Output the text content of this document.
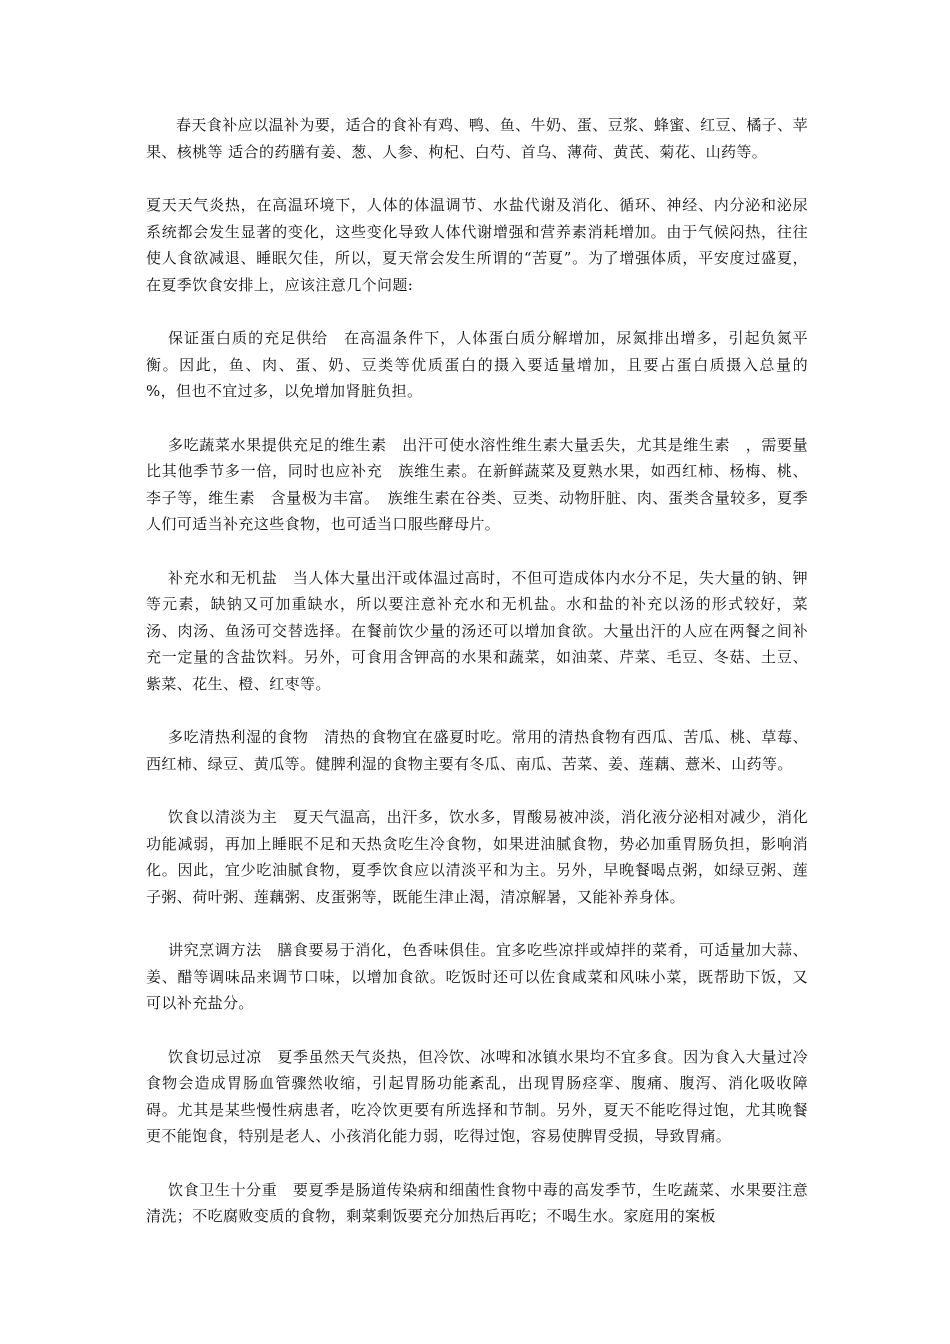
春天食补应以温补为要，适合的食补有鸡、鸭、鱼、牛奶、蛋、豆浆、蜂蜜、红豆、橘子、苹果、核桃等 适合的药膳有姜、葱、人参、枸杞、白芍、首乌、薄荷、黄芪、菊花、山药等。

夏天天气炎热，在高温环境下，人体的体温调节、水盐代谢及消化、循环、神经、内分泌和泌尿系统都会发生显著的变化，这些变化导致人体代谢增强和营养素消耗增加。由于气候闷热，往往使人食欲减退、睡眠欠佳，所以，夏天常会发生所谓的“苦夏”。为了增强体质，平安度过盛夏，在夏季饮食安排上，应该注意几个问题:

保证蛋白质的充足供给　在高温条件下，人体蛋白质分解增加，尿氮排出增多，引起负氮平衡。因此，鱼、肉、蛋、奶、豆类等优质蛋白的摄入要适量增加，且要占蛋白质摄入总量的　 %，但也不宜过多，以免增加肾脏负担。

多吃蔬菜水果提供充足的维生素　出汗可使水溶性维生素大量丢失，尤其是维生素　，需要量比其他季节多一倍，同时也应补充　族维生素。在新鲜蔬菜及夏熟水果，如西红柿、杨梅、桃、李子等，维生素　含量极为丰富。　族维生素在谷类、豆类、动物肝脏、肉、蛋类含量较多，夏季人们可适当补充这些食物，也可适当口服些酵母片。

补充水和无机盐　当人体大量出汗或体温过高时，不但可造成体内水分不足，失大量的钠、钾等元素，缺钠又可加重缺水，所以要注意补充水和无机盐。水和盐的补充以汤的形式较好，菜汤、肉汤、鱼汤可交替选择。在餐前饮少量的汤还可以增加食欲。大量出汗的人应在两餐之间补充一定量的含盐饮料。另外，可食用含钾高的水果和蔬菜，如油菜、芹菜、毛豆、冬菇、土豆、紫菜、花生、橙、红枣等。

多吃清热利湿的食物　清热的食物宜在盛夏时吃。常用的清热食物有西瓜、苦瓜、桃、草莓、西红柿、绿豆、黄瓜等。健脾利湿的食物主要有冬瓜、南瓜、苦菜、姜、莲藕、薏米、山药等。

饮食以清淡为主　夏天气温高，出汗多，饮水多，胃酸易被冲淡，消化液分泌相对减少，消化功能减弱，再加上睡眠不足和天热贪吃生冷食物，如果进油腻食物，势必加重胃肠负担，影响消化。因此，宜少吃油腻食物，夏季饮食应以清淡平和为主。另外，早晚餐喝点粥，如绿豆粥、莲子粥、荷叶粥、莲藕粥、皮蛋粥等，既能生津止渴，清凉解暑，又能补养身体。

讲究烹调方法　膳食要易于消化，色香味俱佳。宜多吃些凉拌或焯拌的菜肴，可适量加大蒜、姜、醋等调味品来调节口味，以增加食欲。吃饭时还可以佐食咸菜和风味小菜，既帮助下饭，又可以补充盐分。

饮食切忌过凉　夏季虽然天气炎热，但冷饮、冰啤和冰镇水果均不宜多食。因为食入大量过冷食物会造成胃肠血管骤然收缩，引起胃肠功能紊乱，出现胃肠痉挛、腹痛、腹泻、消化吸收障碍。尤其是某些慢性病患者，吃冷饮更要有所选择和节制。另外，夏天不能吃得过饱，尤其晚餐更不能饱食，特别是老人、小孩消化能力弱，吃得过饱，容易使脾胃受损，导致胃痛。

饮食卫生十分重　要夏季是肠道传染病和细菌性食物中毒的高发季节，生吃蔬菜、水果要注意清洗；不吃腐败变质的食物，剩菜剩饭要充分加热后再吃；不喝生水。家庭用的案板
